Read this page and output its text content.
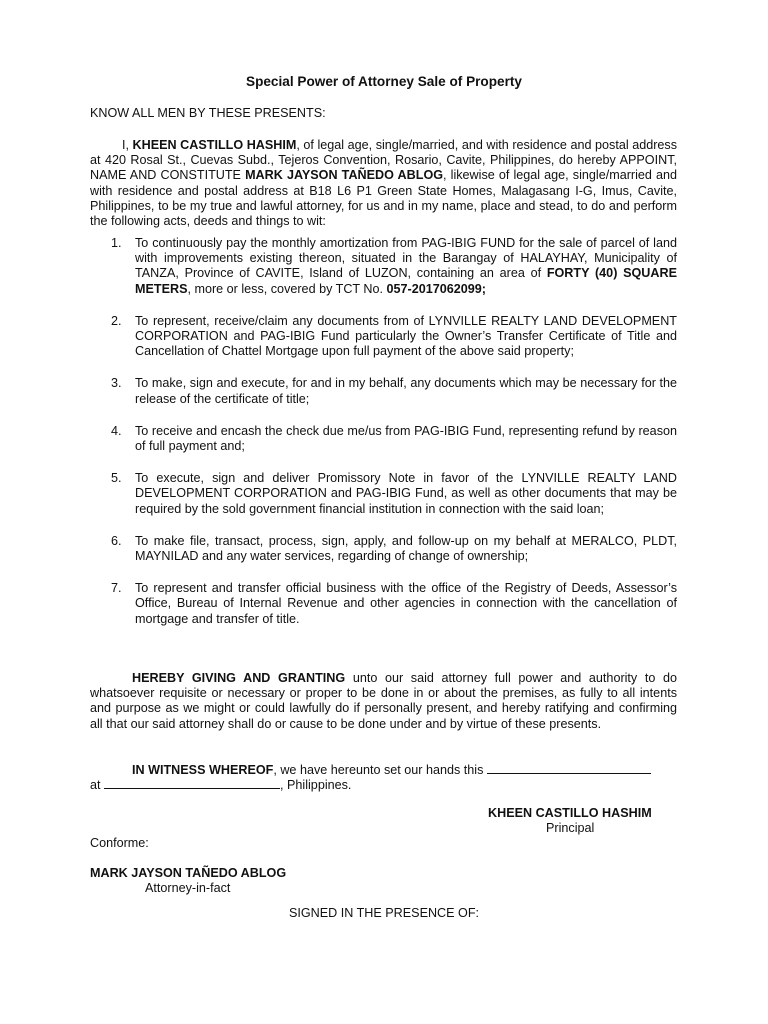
Special Power of Attorney Sale of Property
KNOW ALL MEN BY THESE PRESENTS:
I, KHEEN CASTILLO HASHIM, of legal age, single/married, and with residence and postal address at 420 Rosal St., Cuevas Subd., Tejeros Convention, Rosario, Cavite, Philippines, do hereby APPOINT, NAME AND CONSTITUTE MARK JAYSON TAÑEDO ABLOG, likewise of legal age, single/married and with residence and postal address at B18 L6 P1 Green State Homes, Malagasang I-G, Imus, Cavite, Philippines, to be my true and lawful attorney, for us and in my name, place and stead, to do and perform the following acts, deeds and things to wit:
1. To continuously pay the monthly amortization from PAG-IBIG FUND for the sale of parcel of land with improvements existing thereon, situated in the Barangay of HALAYHAY, Municipality of TANZA, Province of CAVITE, Island of LUZON, containing an area of FORTY (40) SQUARE METERS, more or less, covered by TCT No. 057-2017062099;
2. To represent, receive/claim any documents from of LYNVILLE REALTY LAND DEVELOPMENT CORPORATION and PAG-IBIG Fund particularly the Owner’s Transfer Certificate of Title and Cancellation of Chattel Mortgage upon full payment of the above said property;
3. To make, sign and execute, for and in my behalf, any documents which may be necessary for the release of the certificate of title;
4. To receive and encash the check due me/us from PAG-IBIG Fund, representing refund by reason of full payment and;
5. To execute, sign and deliver Promissory Note in favor of the LYNVILLE REALTY LAND DEVELOPMENT CORPORATION and PAG-IBIG Fund, as well as other documents that may be required by the sold government financial institution in connection with the said loan;
6. To make file, transact, process, sign, apply, and follow-up on my behalf at MERALCO, PLDT, MAYNILAD and any water services, regarding of change of ownership;
7. To represent and transfer official business with the office of the Registry of Deeds, Assessor’s Office, Bureau of Internal Revenue and other agencies in connection with the cancellation of mortgage and transfer of title.
HEREBY GIVING AND GRANTING unto our said attorney full power and authority to do whatsoever requisite or necessary or proper to be done in or about the premises, as fully to all intents and purpose as we might or could lawfully do if personally present, and hereby ratifying and confirming all that our said attorney shall do or cause to be done under and by virtue of these presents.
IN WITNESS WHEREOF, we have hereunto set our hands this
at	, Philippines.
KHEEN CASTILLO HASHIM
Principal
Conforme:
MARK JAYSON TAÑEDO ABLOG
Attorney-in-fact
SIGNED IN THE PRESENCE OF:
